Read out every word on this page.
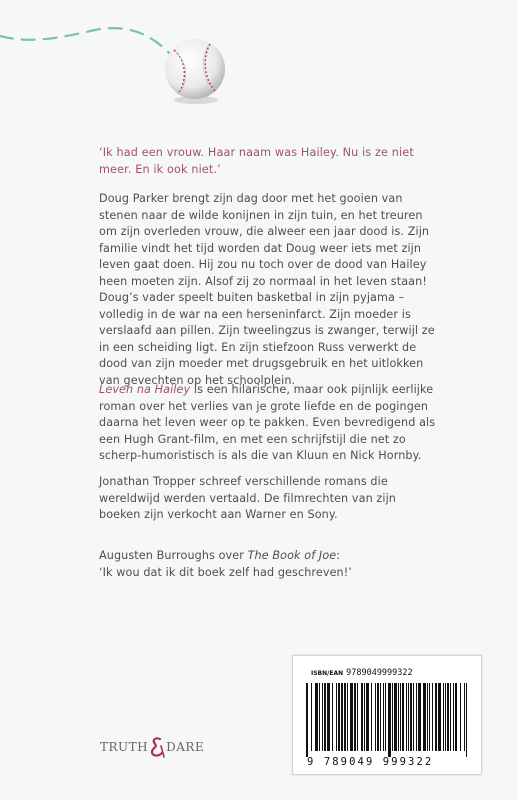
‘Ik had een vrouw. Haar naam was Hailey. Nu is ze niet meer. En ik ook niet.’

Doug Parker brengt zijn dag door met het gooien van stenen naar de wilde konijnen in zijn tuin, en het treuren om zijn overleden vrouw, die alweer een jaar dood is. Zijn familie vindt het tijd worden dat Doug weer iets met zijn leven gaat doen. Hij zou nu toch over de dood van Hailey heen moeten zijn. Alsof zij zo normaal in het leven staan! Doug’s vader speelt buiten basketbal in zijn pyjama – volledig in de war na een herseninfarct. Zijn moeder is verslaafd aan pillen. Zijn tweelingzus is zwanger, terwijl ze in een scheiding ligt. En zijn stiefzoon Russ verwerkt de dood van zijn moeder met drugsgebruik en het uitlokken van gevechten op het schoolplein.

Leven na Hailey is een hilarische, maar ook pijnlijk eerlijke roman over het verlies van je grote liefde en de pogingen daarna het leven weer op te pakken. Even bevredigend als een Hugh Grant-film, en met een schrijfstijl die net zo scherp-humoristisch is als die van Kluun en Nick Hornby.

Jonathan Tropper schreef verschillende romans die wereldwijd werden vertaald. De filmrechten van zijn boeken zijn verkocht aan Warner en Sony.

Augusten Burroughs over The Book of Joe:
‘Ik wou dat ik dit boek zelf had geschreven!’
ISBN/EAN 9789049999322
9 789049 999322
TRUTH DARE
